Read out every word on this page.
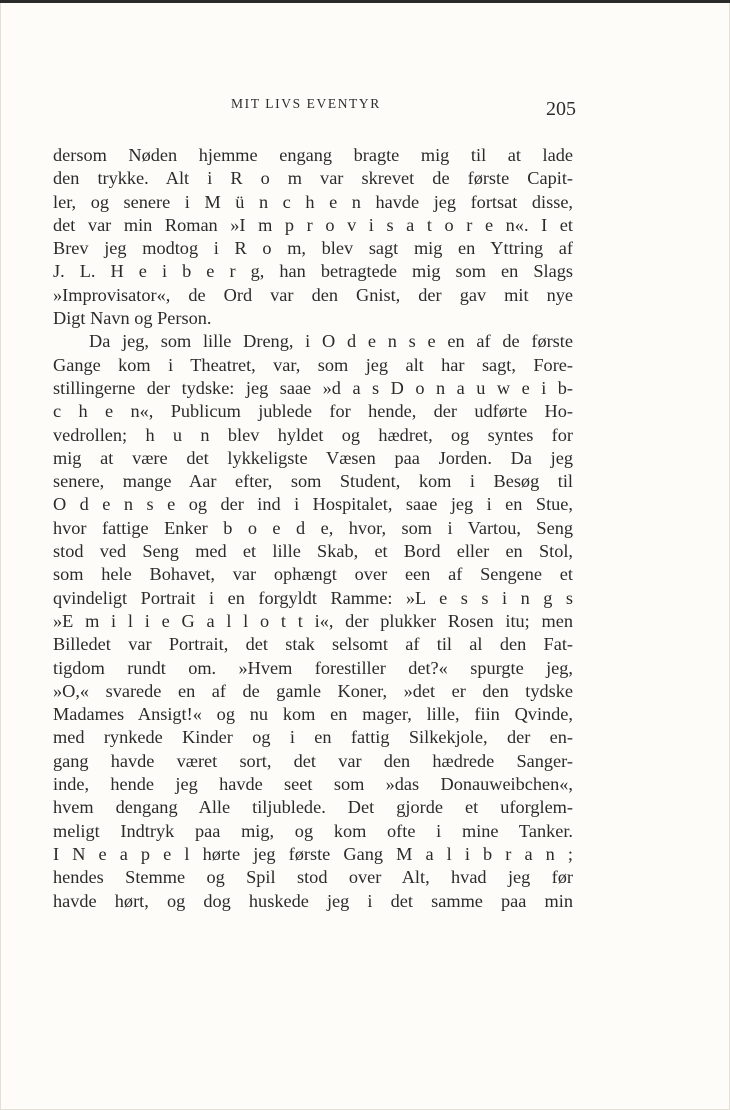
MIT LIVS EVENTYR	205
dersom Nøden hjemme engang bragte mig til at lade
den trykke. Alt i R o m var skrevet de første Capit-
ler, og senere i M ü n c h e n havde jeg fortsat disse,
det var min Roman »I m p r o v i s a t o r e n«. I et
Brev jeg modtog i R o m, blev sagt mig en Yttring af
J. L. H e i b e r g, han betragtede mig som en Slags
»Improvisator«, de Ord var den Gnist, der gav mit nye
Digt Navn og Person.
Da jeg, som lille Dreng, i O d e n s e en af de første
Gange kom i Theatret, var, som jeg alt har sagt, Fore-
stillingerne der tydske: jeg saae »d a s D o n a u w e i b-
c h e n«, Publicum jublede for hende, der udførte Ho-
vedrollen; h u n blev hyldet og hædret, og syntes for
mig at være det lykkeligste Væsen paa Jorden. Da jeg
senere, mange Aar efter, som Student, kom i Besøg til
O d e n s e og der ind i Hospitalet, saae jeg i en Stue,
hvor fattige Enker b o e d e, hvor, som i Vartou, Seng
stod ved Seng med et lille Skab, et Bord eller en Stol,
som hele Bohavet, var ophængt over een af Sengene et
qvindeligt Portrait i en forgyldt Ramme: »L e s s i n g s
»E m i l i e G a l l o t t i«, der plukker Rosen itu; men
Billedet var Portrait, det stak selsomt af til al den Fat-
tigdom rundt om. »Hvem forestiller det?« spurgte jeg,
»O,« svarede en af de gamle Koner, »det er den tydske
Madames Ansigt!« og nu kom en mager, lille, fiin Qvinde,
med rynkede Kinder og i en fattig Silkekjole, der en-
gang havde været sort, det var den hædrede Sanger-
inde, hende jeg havde seet som »das Donauweibchen«,
hvem dengang Alle tiljublede. Det gjorde et uforglem-
meligt Indtryk paa mig, og kom ofte i mine Tanker.
I N e a p e l hørte jeg første Gang M a l i b r a n ;
hendes Stemme og Spil stod over Alt, hvad jeg før
havde hørt, og dog huskede jeg i det samme paa min
